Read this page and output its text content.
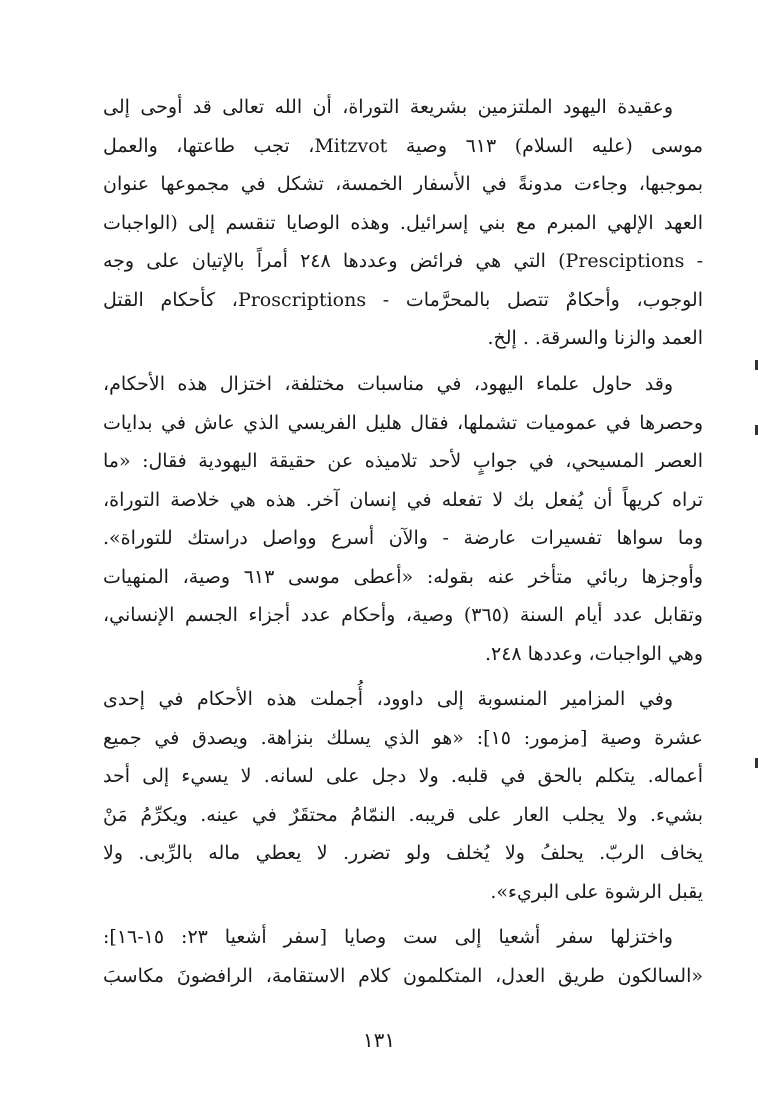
وعقيدة اليهود الملتزمين بشريعة التوراة، أن الله تعالى قد أوحى إلى
موسى (عليه السلام) ٦١٣ وصية Mitzvot، تجب طاعتها، والعمل
بموجبها، وجاءت مدونةً في الأسفار الخمسة، تشكل في مجموعها عنوان
العهد الإلهي المبرم مع بني إسرائيل. وهذه الوصايا تنقسم إلى (الواجبات
- Presciptions) التي هي فرائض وعددها ٢٤٨ أمراً بالإتيان على وجه
الوجوب، وأحكامٌ تتصل بالمحرَّمات - Proscriptions، كأحكام القتل
العمد والزنا والسرقة. . إلخ.
وقد حاول علماء اليهود، في مناسبات مختلفة، اختزال هذه الأحكام،
وحصرها في عموميات تشملها، فقال هليل الفريسي الذي عاش في بدايات
العصر المسيحي، في جوابٍ لأحد تلاميذه عن حقيقة اليهودية فقال: «ما
تراه كريهاً أن يُفعل بك لا تفعله في إنسان آخر. هذه هي خلاصة التوراة،
وما سواها تفسيرات عارضة - والآن أسرع وواصل دراستك للتوراة».
وأوجزها ربائي متأخر عنه بقوله: «أعطى موسى ٦١٣ وصية، المنهيات
وتقابل عدد أيام السنة (٣٦٥) وصية، وأحكام عدد أجزاء الجسم الإنساني،
وهي الواجبات، وعددها ٢٤٨.
وفي المزامير المنسوبة إلى داوود، أُجملت هذه الأحكام في إحدى
عشرة وصية [مزمور: ١٥]: «هو الذي يسلك بنزاهة. ويصدق في جميع
أعماله. يتكلم بالحق في قلبه. ولا دجل على لسانه. لا يسيء إلى أحد
بشيء. ولا يجلب العار على قريبه. النمّامُ محتقَرٌ في عينه. ويكرِّمُ مَنْ
يخاف الربّ. يحلفُ ولا يُخلف ولو تضرر. لا يعطي ماله بالرِّبى. ولا
يقبل الرشوة على البريء».
واختزلها سفر أشعيا إلى ست وصايا [سفر أشعيا ٢٣: ١٥-١٦]:
«السالكون طريق العدل، المتكلمون كلام الاستقامة، الرافضونَ مكاسبَ
١٣١
